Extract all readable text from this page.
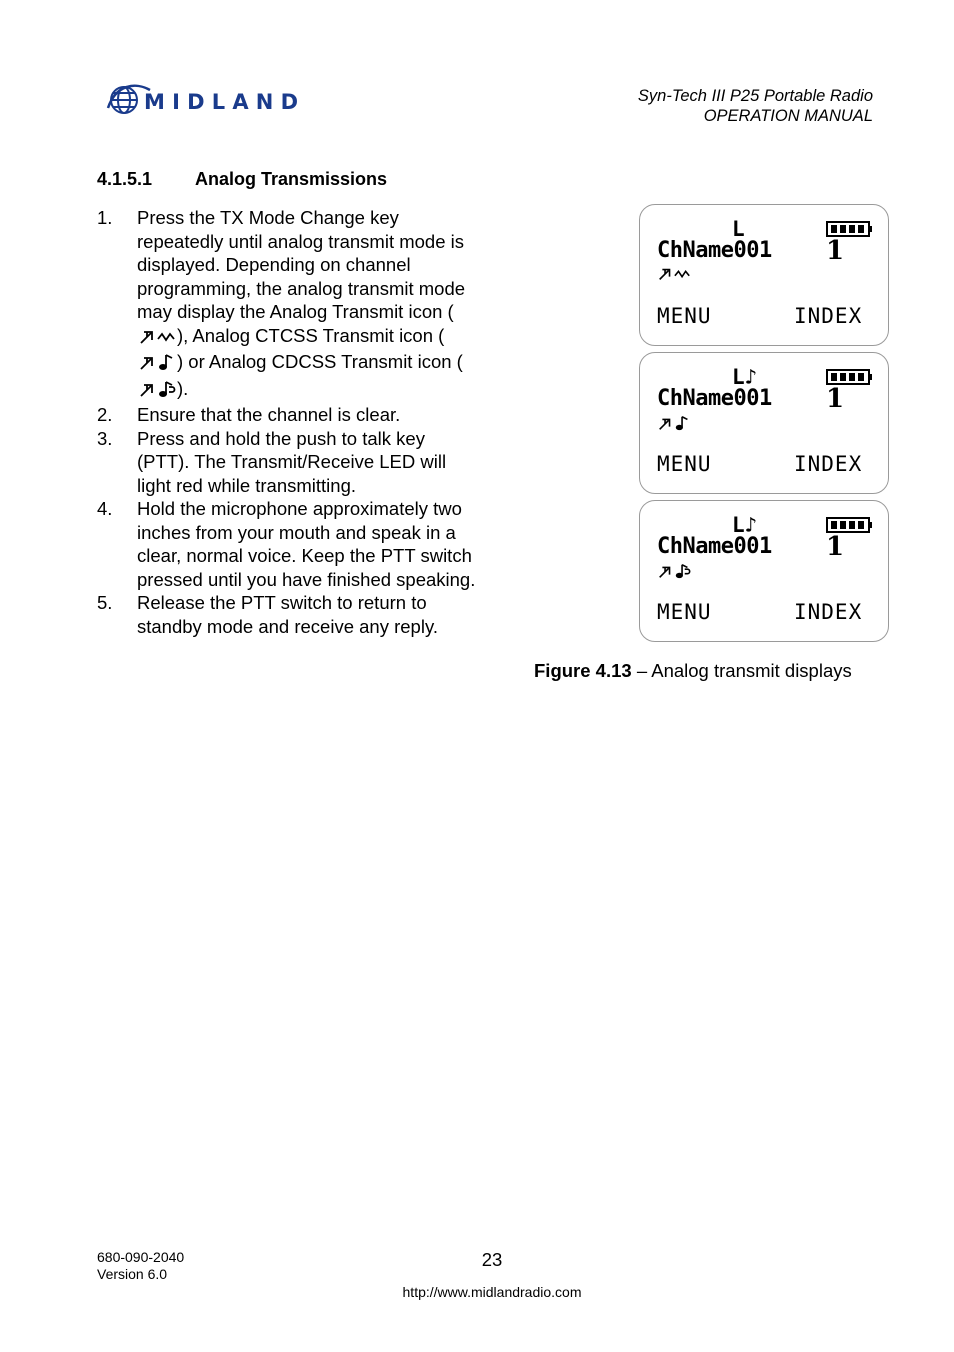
MIDLAND	Syn-Tech III P25 Portable Radio
OPERATION MANUAL
4.1.5.1 Analog Transmissions
1. Press the TX Mode Change key repeatedly until analog transmit mode is displayed. Depending on channel programming, the analog transmit mode may display the Analog Transmit icon (), Analog CTCSS Transmit icon () or Analog CDCSS Transmit icon ().
2. Ensure that the channel is clear.
3. Press and hold the push to talk key (PTT). The Transmit/Receive LED will light red while transmitting.
4. Hold the microphone approximately two inches from your mouth and speak in a clear, normal voice. Keep the PTT switch pressed until you have finished speaking.
5. Release the PTT switch to return to standby mode and receive any reply.
L
ChName001 1
MENU	INDEX
L♪
ChName001 1
MENU	INDEX
L♪
ChName001 1
MENU	INDEX
Figure 4.13 – Analog transmit displays
680-090-2040
Version 6.0
23
http://www.midlandradio.com
